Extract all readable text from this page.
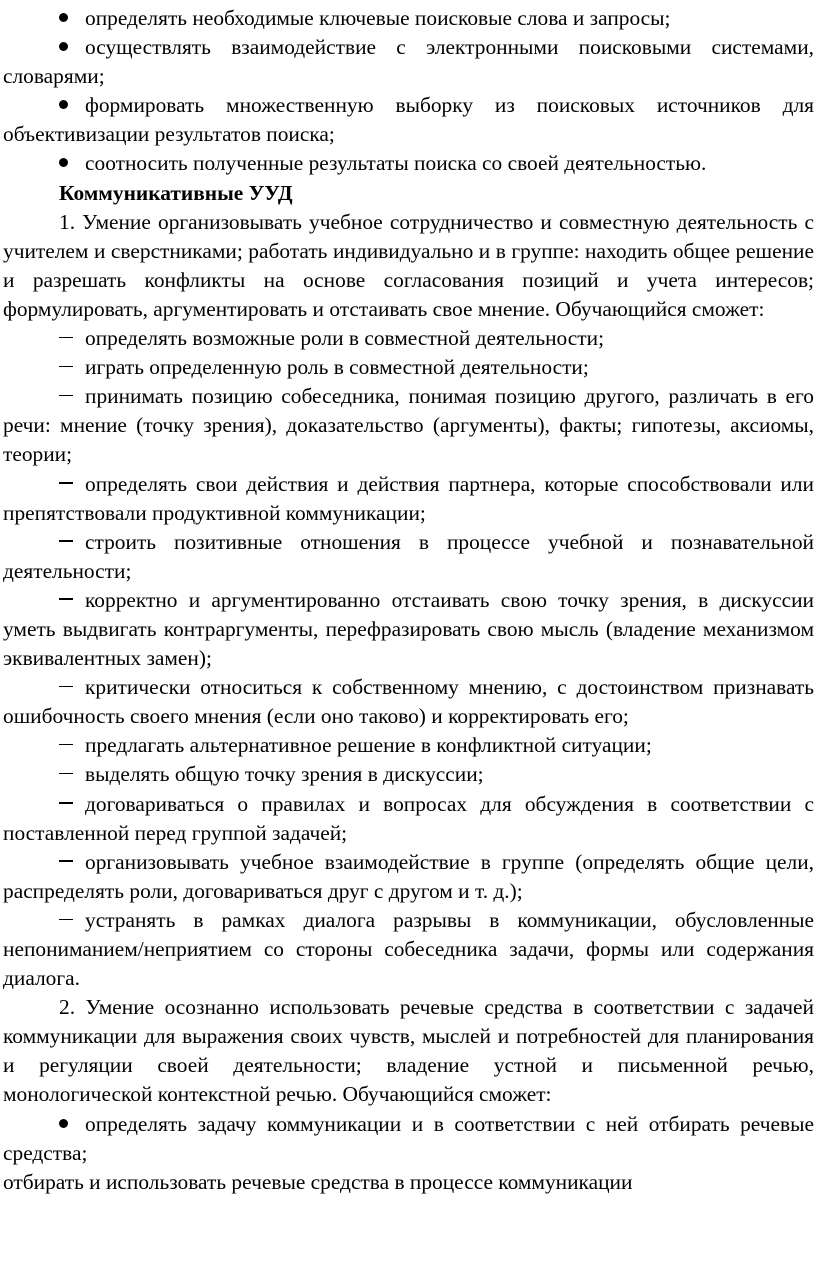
определять необходимые ключевые поисковые слова и запросы;

осуществлять взаимодействие с электронными поисковыми системами, словарями;

формировать множественную выборку из поисковых источников для объективизации результатов поиска;

соотносить полученные результаты поиска со своей деятельностью.

Коммуникативные УУД

1. Умение организовывать учебное сотрудничество и совместную деятельность с учителем и сверстниками; работать индивидуально и в группе: находить общее решение и разрешать конфликты на основе согласования позиций и учета интересов; формулировать, аргументировать и отстаивать свое мнение. Обучающийся сможет:

определять возможные роли в совместной деятельности;

играть определенную роль в совместной деятельности;

принимать позицию собеседника, понимая позицию другого, различать в его речи: мнение (точку зрения), доказательство (аргументы), факты; гипотезы, аксиомы, теории;

определять свои действия и действия партнера, которые способствовали или препятствовали продуктивной коммуникации;

строить позитивные отношения в процессе учебной и познавательной деятельности;

корректно и аргументированно отстаивать свою точку зрения, в дискуссии уметь выдвигать контраргументы, перефразировать свою мысль (владение механизмом эквивалентных замен);

критически относиться к собственному мнению, с достоинством признавать ошибочность своего мнения (если оно таково) и корректировать его;

предлагать альтернативное решение в конфликтной ситуации;

выделять общую точку зрения в дискуссии;

договариваться о правилах и вопросах для обсуждения в соответствии с поставленной перед группой задачей;

организовывать учебное взаимодействие в группе (определять общие цели, распределять роли, договариваться друг с другом и т. д.);

устранять в рамках диалога разрывы в коммуникации, обусловленные непониманием/неприятием со стороны собеседника задачи, формы или содержания диалога.

2. Умение осознанно использовать речевые средства в соответствии с задачей коммуникации для выражения своих чувств, мыслей и потребностей для планирования и регуляции своей деятельности; владение устной и письменной речью, монологической контекстной речью. Обучающийся сможет:

определять задачу коммуникации и в соответствии с ней отбирать речевые средства;

отбирать и использовать речевые средства в процессе коммуникации
